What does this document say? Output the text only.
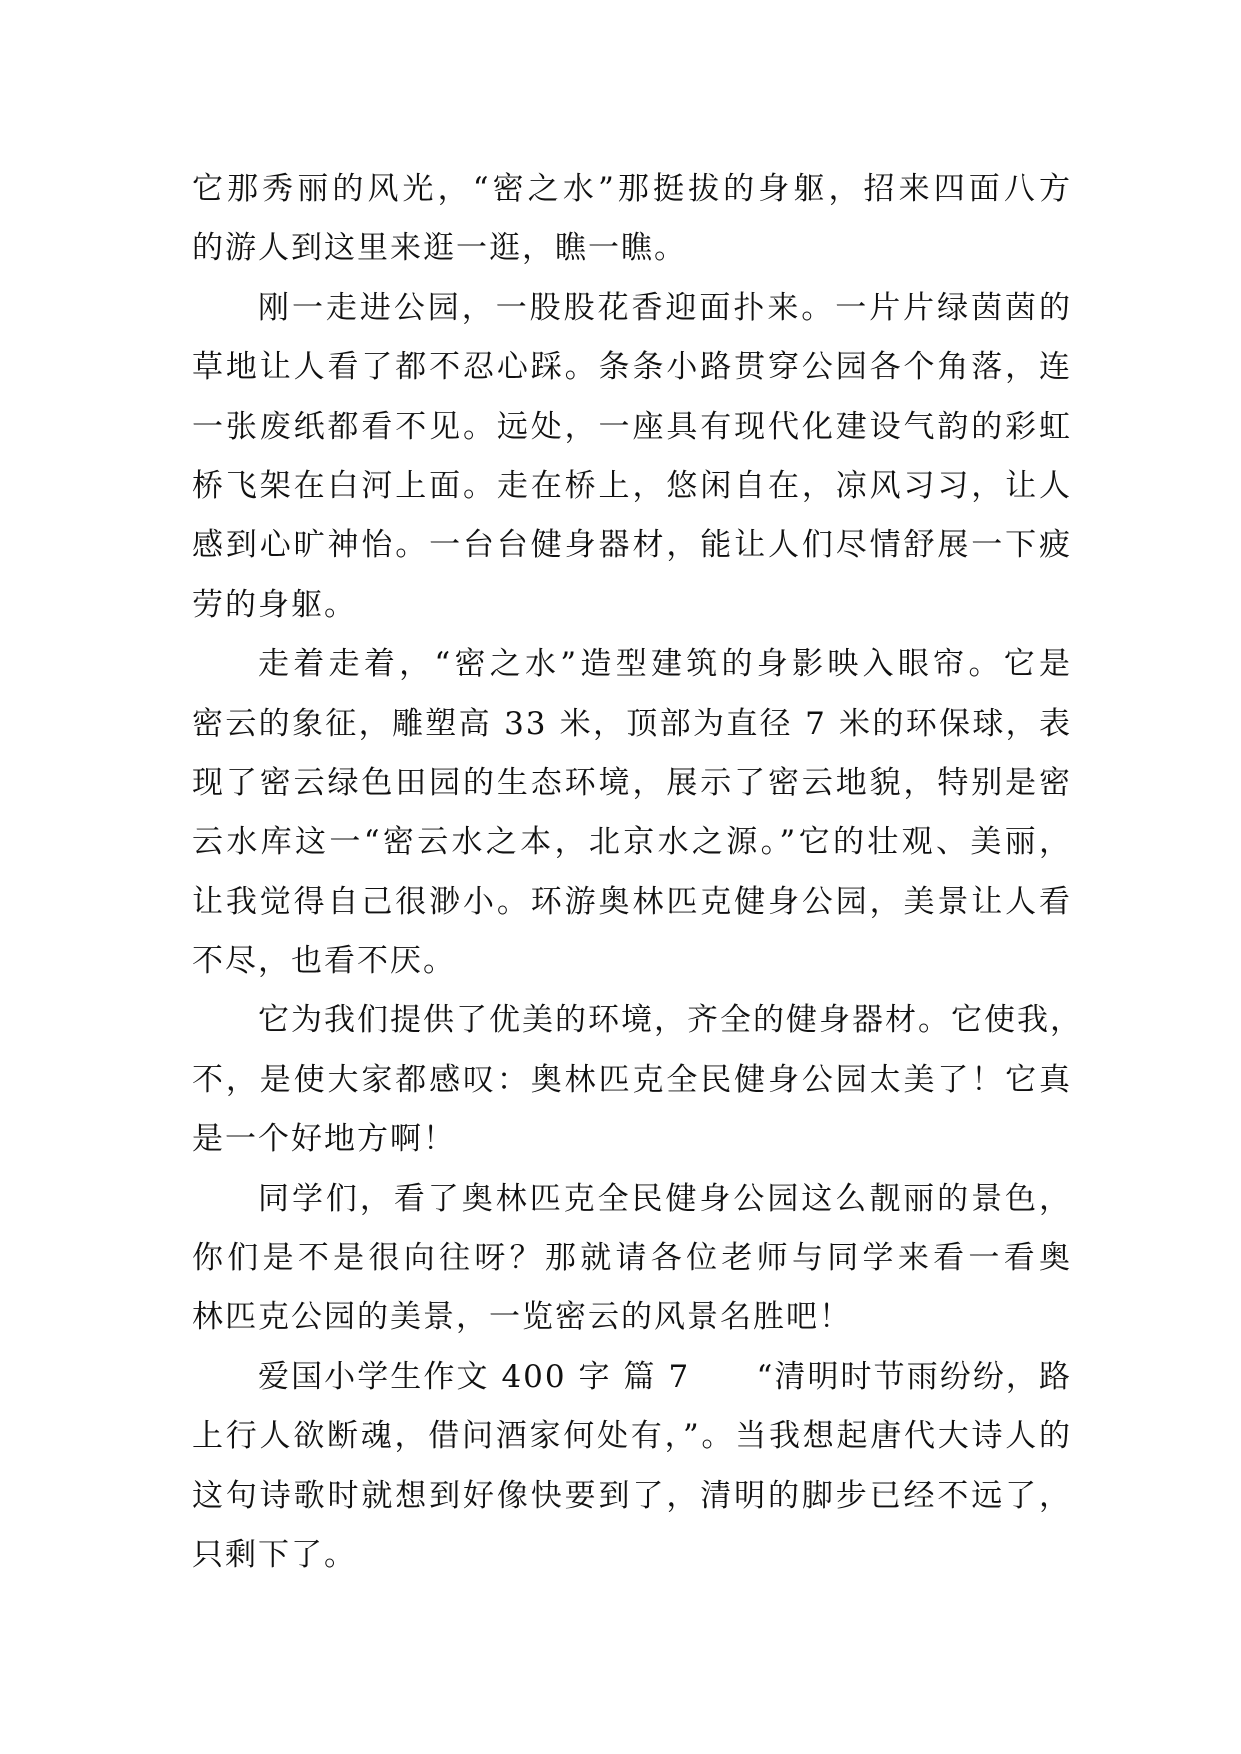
它那秀丽的风光，“密之水”那挺拔的身躯，招来四面八方
的游人到这里来逛一逛，瞧一瞧。
刚一走进公园，一股股花香迎面扑来。一片片绿茵茵的
草地让人看了都不忍心踩。条条小路贯穿公园各个角落，连
一张废纸都看不见。远处，一座具有现代化建设气韵的彩虹
桥飞架在白河上面。走在桥上，悠闲自在，凉风习习，让人
感到心旷神怡。一台台健身器材，能让人们尽情舒展一下疲
劳的身躯。
走着走着，“密之水”造型建筑的身影映入眼帘。它是
密云的象征，雕塑高 33 米，顶部为直径 7 米的环保球，表
现了密云绿色田园的生态环境，展示了密云地貌，特别是密
云水库这一“密云水之本，北京水之源。”它的壮观、美丽，
让我觉得自己很渺小。环游奥林匹克健身公园，美景让人看
不尽，也看不厌。
它为我们提供了优美的环境，齐全的健身器材。它使我，
不，是使大家都感叹：奥林匹克全民健身公园太美了！它真
是一个好地方啊！
同学们，看了奥林匹克全民健身公园这么靓丽的景色，
你们是不是很向往呀？那就请各位老师与同学来看一看奥
林匹克公园的美景，一览密云的风景名胜吧！
爱国小学生作文 400 字 篇 7　　“清明时节雨纷纷，路
上行人欲断魂，借问酒家何处有，”。当我想起唐代大诗人的
这句诗歌时就想到好像快要到了，清明的脚步已经不远了，
只剩下了。
